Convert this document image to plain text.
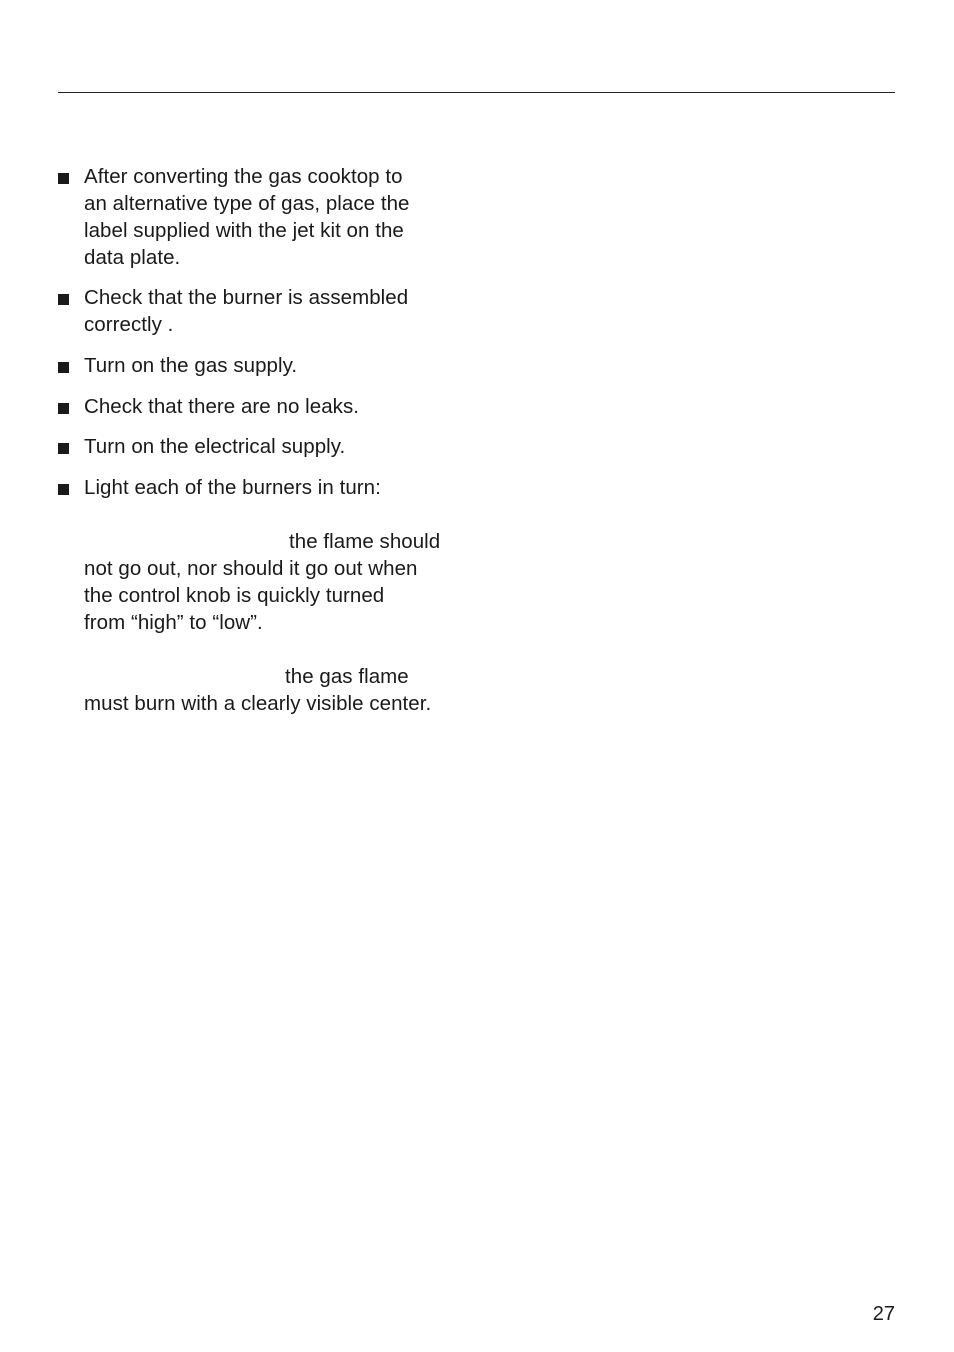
After converting the gas cooktop to
an alternative type of gas, place the
label supplied with the jet kit on the
data plate.
Check that the burner is assembled
correctly .
Turn on the gas supply.
Check that there are no leaks.
Turn on the electrical supply.
Light each of the burners in turn:
the flame should
not go out, nor should it go out when
the control knob is quickly turned
from “high” to “low”.
the gas flame
must burn with a clearly visible center.
27
